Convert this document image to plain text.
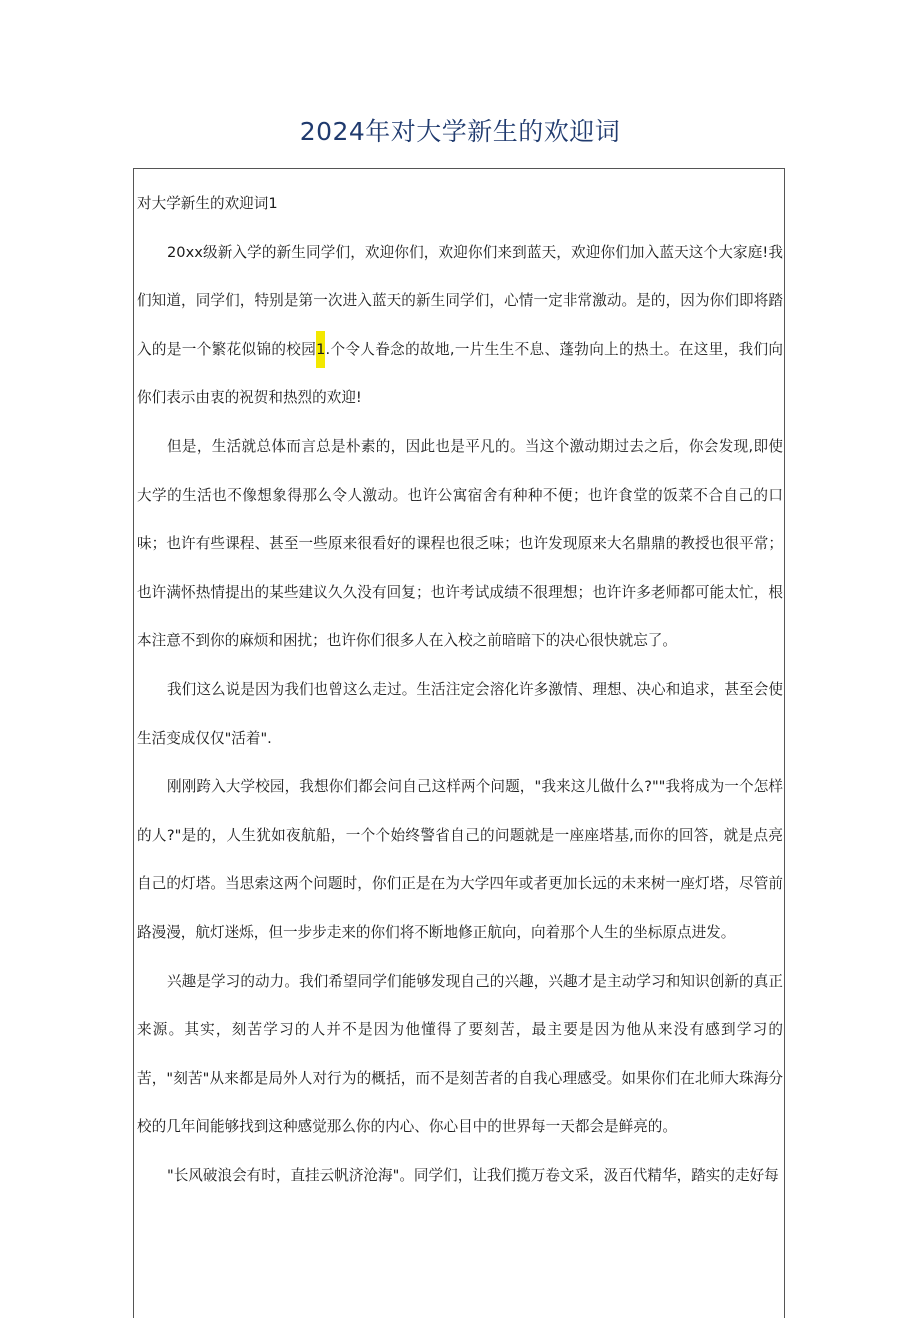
2024年对大学新生的欢迎词

对大学新生的欢迎词1

20xx级新入学的新生同学们，欢迎你们，欢迎你们来到蓝天，欢迎你们加入蓝天这个大家庭!我们知道，同学们，特别是第一次进入蓝天的新生同学们，心情一定非常激动。是的，因为你们即将踏入的是一个繁花似锦的校园1.个令人眷念的故地,一片生生不息、蓬勃向上的热土。在这里，我们向你们表示由衷的祝贺和热烈的欢迎!

但是，生活就总体而言总是朴素的，因此也是平凡的。当这个激动期过去之后，你会发现,即使大学的生活也不像想象得那么令人激动。也许公寓宿舍有种种不便；也许食堂的饭菜不合自己的口味；也许有些课程、甚至一些原来很看好的课程也很乏味；也许发现原来大名鼎鼎的教授也很平常；也许满怀热情提出的某些建议久久没有回复；也许考试成绩不很理想；也许许多老师都可能太忙，根本注意不到你的麻烦和困扰；也许你们很多人在入校之前暗暗下的决心很快就忘了。

我们这么说是因为我们也曾这么走过。生活注定会溶化许多激情、理想、决心和追求，甚至会使生活变成仅仅"活着".

刚刚跨入大学校园，我想你们都会问自己这样两个问题，"我来这儿做什么?""我将成为一个怎样的人?"是的，人生犹如夜航船，一个个始终警省自己的问题就是一座座塔基,而你的回答，就是点亮自己的灯塔。当思索这两个问题时，你们正是在为大学四年或者更加长远的未来树一座灯塔，尽管前路漫漫，航灯迷烁，但一步步走来的你们将不断地修正航向，向着那个人生的坐标原点进发。

兴趣是学习的动力。我们希望同学们能够发现自己的兴趣，兴趣才是主动学习和知识创新的真正来源。其实，刻苦学习的人并不是因为他懂得了要刻苦，最主要是因为他从来没有感到学习的苦，"刻苦"从来都是局外人对行为的概括，而不是刻苦者的自我心理感受。如果你们在北师大珠海分校的几年间能够找到这种感觉那么你的内心、你心目中的世界每一天都会是鲜亮的。

"长风破浪会有时，直挂云帆济沧海"。同学们，让我们揽万卷文采，汲百代精华，踏实的走好每
